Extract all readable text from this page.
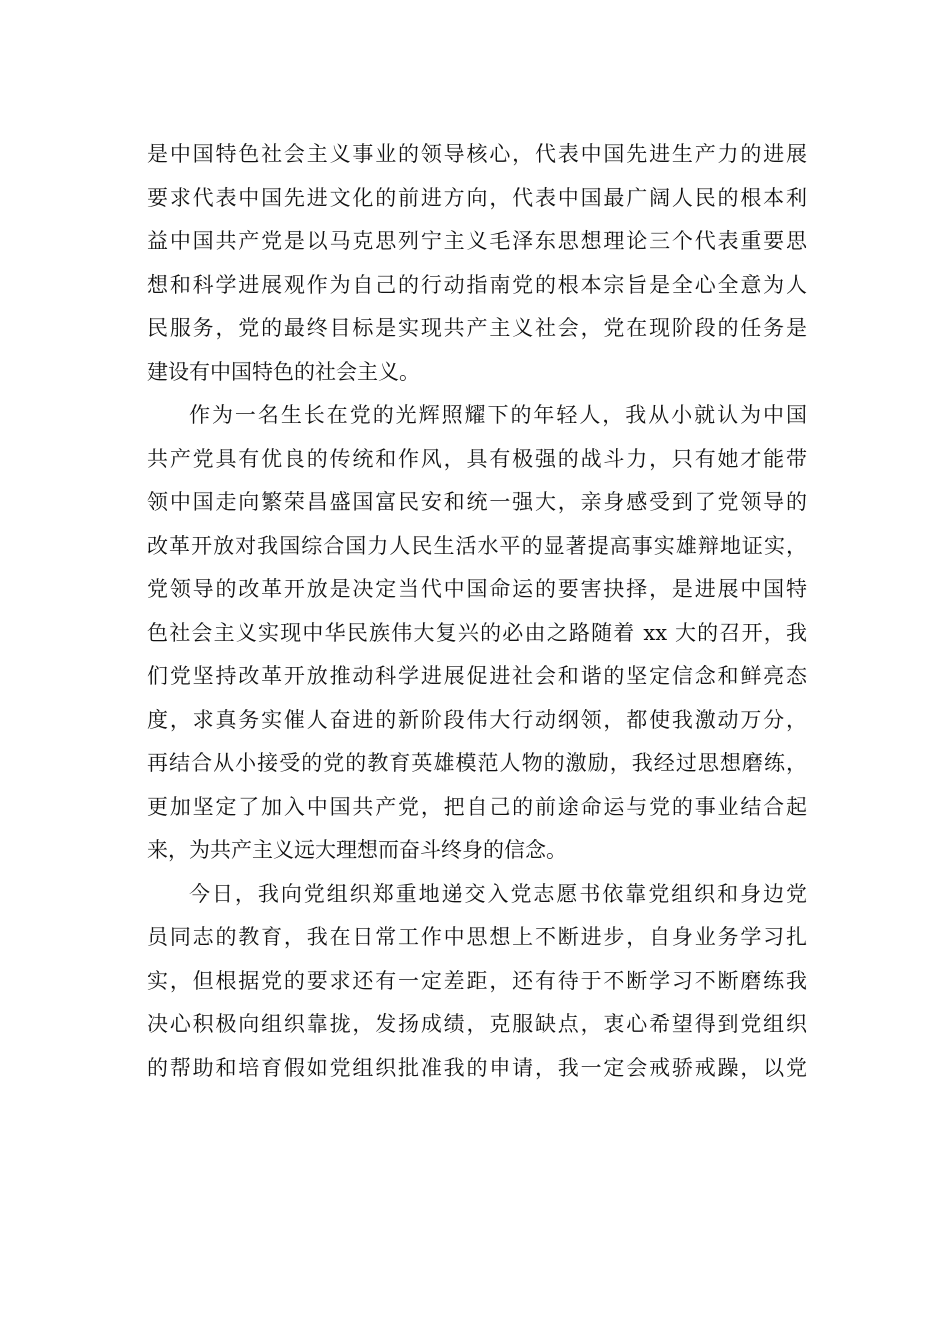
是中国特色社会主义事业的领导核心，代表中国先进生产力的进展
要求代表中国先进文化的前进方向，代表中国最广阔人民的根本利
益中国共产党是以马克思列宁主义毛泽东思想理论三个代表重要思
想和科学进展观作为自己的行动指南党的根本宗旨是全心全意为人
民服务，党的最终目标是实现共产主义社会，党在现阶段的任务是
建设有中国特色的社会主义。
作为一名生长在党的光辉照耀下的年轻人，我从小就认为中国
共产党具有优良的传统和作风，具有极强的战斗力，只有她才能带
领中国走向繁荣昌盛国富民安和统一强大，亲身感受到了党领导的
改革开放对我国综合国力人民生活水平的显著提高事实雄辩地证实，
党领导的改革开放是决定当代中国命运的要害抉择，是进展中国特
色社会主义实现中华民族伟大复兴的必由之路随着 xx 大的召开，我
们党坚持改革开放推动科学进展促进社会和谐的坚定信念和鲜亮态
度，求真务实催人奋进的新阶段伟大行动纲领，都使我激动万分，
再结合从小接受的党的教育英雄模范人物的激励，我经过思想磨练，
更加坚定了加入中国共产党，把自己的前途命运与党的事业结合起
来，为共产主义远大理想而奋斗终身的信念。
今日，我向党组织郑重地递交入党志愿书依靠党组织和身边党
员同志的教育，我在日常工作中思想上不断进步，自身业务学习扎
实，但根据党的要求还有一定差距，还有待于不断学习不断磨练我
决心积极向组织靠拢，发扬成绩，克服缺点，衷心希望得到党组织
的帮助和培育假如党组织批准我的申请，我一定会戒骄戒躁，以党
